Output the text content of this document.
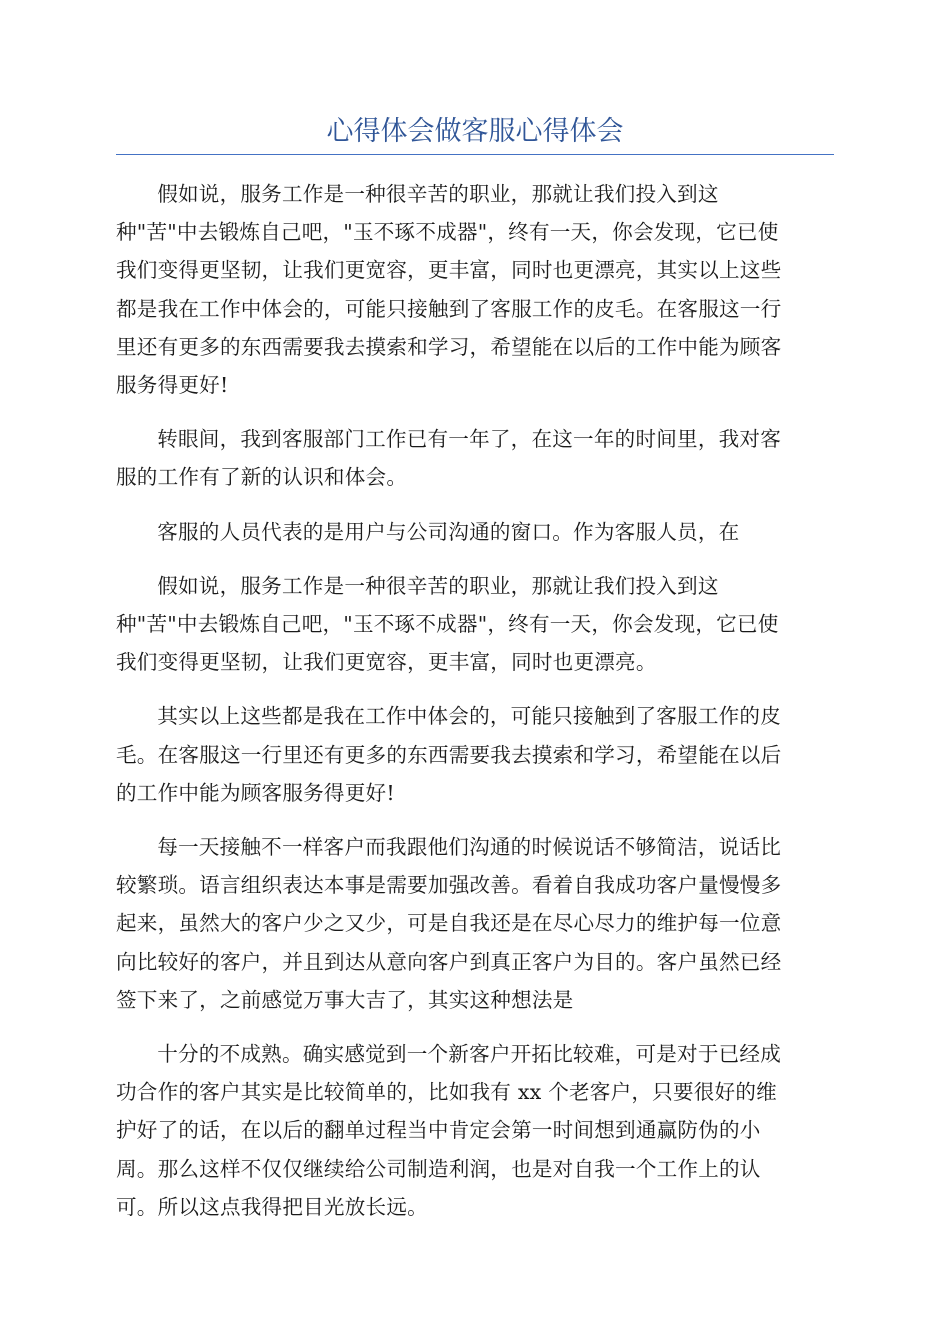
心得体会做客服心得体会

假如说，服务工作是一种很辛苦的职业，那就让我们投入到这
种"苦"中去锻炼自己吧，"玉不琢不成器"，终有一天，你会发现，它已使
我们变得更坚韧，让我们更宽容，更丰富，同时也更漂亮，其实以上这些
都是我在工作中体会的，可能只接触到了客服工作的皮毛。在客服这一行
里还有更多的东西需要我去摸索和学习，希望能在以后的工作中能为顾客
服务得更好!

转眼间，我到客服部门工作已有一年了，在这一年的时间里，我对客
服的工作有了新的认识和体会。

客服的人员代表的是用户与公司沟通的窗口。作为客服人员，在

假如说，服务工作是一种很辛苦的职业，那就让我们投入到这
种"苦"中去锻炼自己吧，"玉不琢不成器"，终有一天，你会发现，它已使
我们变得更坚韧，让我们更宽容，更丰富，同时也更漂亮。

其实以上这些都是我在工作中体会的，可能只接触到了客服工作的皮
毛。在客服这一行里还有更多的东西需要我去摸索和学习，希望能在以后
的工作中能为顾客服务得更好!

每一天接触不一样客户而我跟他们沟通的时候说话不够简洁，说话比
较繁琐。语言组织表达本事是需要加强改善。看着自我成功客户量慢慢多
起来，虽然大的客户少之又少，可是自我还是在尽心尽力的维护每一位意
向比较好的客户，并且到达从意向客户到真正客户为目的。客户虽然已经
签下来了，之前感觉万事大吉了，其实这种想法是

十分的不成熟。确实感觉到一个新客户开拓比较难，可是对于已经成
功合作的客户其实是比较简单的，比如我有 xx 个老客户，只要很好的维
护好了的话，在以后的翻单过程当中肯定会第一时间想到通赢防伪的小
周。那么这样不仅仅继续给公司制造利润，也是对自我一个工作上的认
可。所以这点我得把目光放长远。
